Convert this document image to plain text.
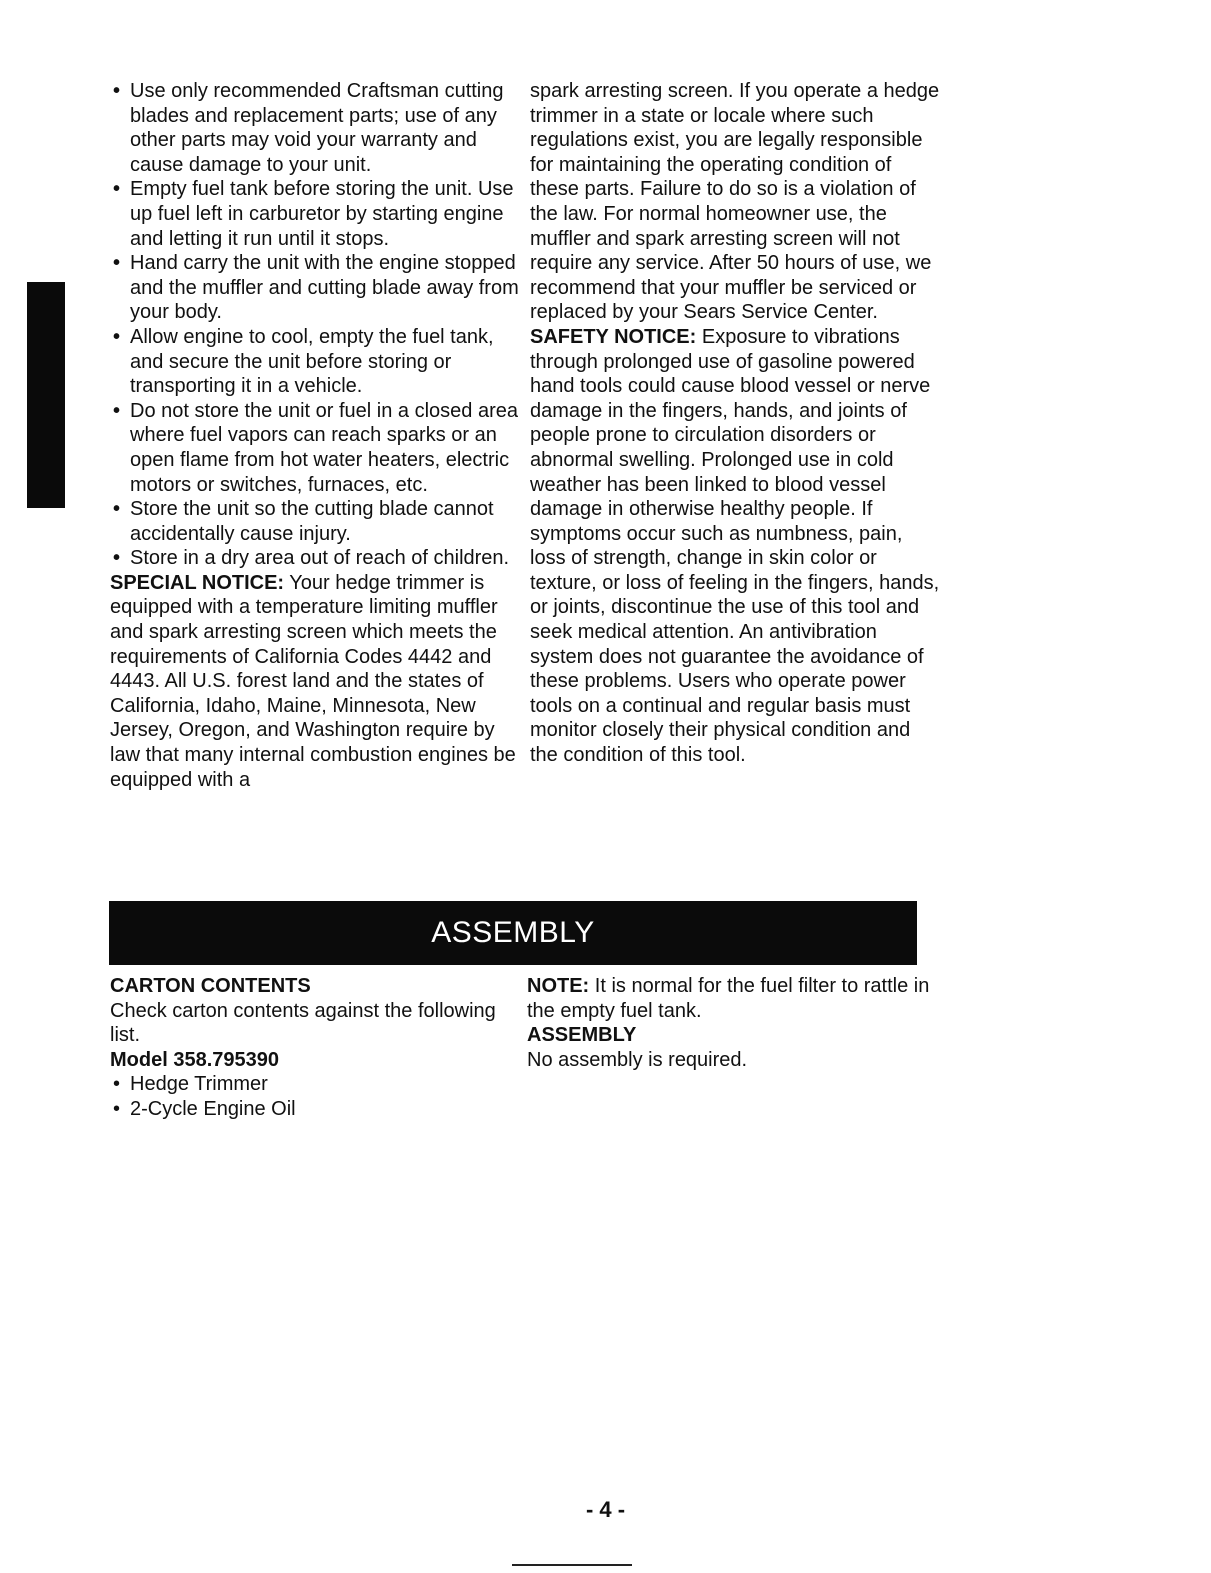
• Use only recommended Craftsman cutting blades and replacement parts; use of any other parts may void your warranty and cause damage to your unit.
• Empty fuel tank before storing the unit. Use up fuel left in carburetor by starting engine and letting it run until it stops.
• Hand carry the unit with the engine stopped and the muffler and cutting blade away from your body.
• Allow engine to cool, empty the fuel tank, and secure the unit before storing or transporting it in a vehicle.
• Do not store the unit or fuel in a closed area where fuel vapors can reach sparks or an open flame from hot water heaters, electric motors or switches, furnaces, etc.
• Store the unit so the cutting blade cannot accidentally cause injury.
• Store in a dry area out of reach of children.

SPECIAL NOTICE: Your hedge trimmer is equipped with a temperature limiting muffler and spark arresting screen which meets the requirements of California Codes 4442 and 4443. All U.S. forest land and the states of California, Idaho, Maine, Minnesota, New Jersey, Oregon, and Washington require by law that many internal combustion engines be equipped with a

spark arresting screen. If you operate a hedge trimmer in a state or locale where such regulations exist, you are legally responsible for maintaining the operating condition of these parts. Failure to do so is a violation of the law. For normal homeowner use, the muffler and spark arresting screen will not require any service. After 50 hours of use, we recommend that your muffler be serviced or replaced by your Sears Service Center.

SAFETY NOTICE: Exposure to vibrations through prolonged use of gasoline powered hand tools could cause blood vessel or nerve damage in the fingers, hands, and joints of people prone to circulation disorders or abnormal swelling. Prolonged use in cold weather has been linked to blood vessel damage in otherwise healthy people. If symptoms occur such as numbness, pain, loss of strength, change in skin color or texture, or loss of feeling in the fingers, hands, or joints, discontinue the use of this tool and seek medical attention. An antivibration system does not guarantee the avoidance of these problems. Users who operate power tools on a continual and regular basis must monitor closely their physical condition and the condition of this tool.

ASSEMBLY
CARTON CONTENTS

Check carton contents against the following list.

Model 358.795390
• Hedge Trimmer
• 2-Cycle Engine Oil

NOTE: It is normal for the fuel filter to rattle in the empty fuel tank.

ASSEMBLY

No assembly is required.

- 4 -
